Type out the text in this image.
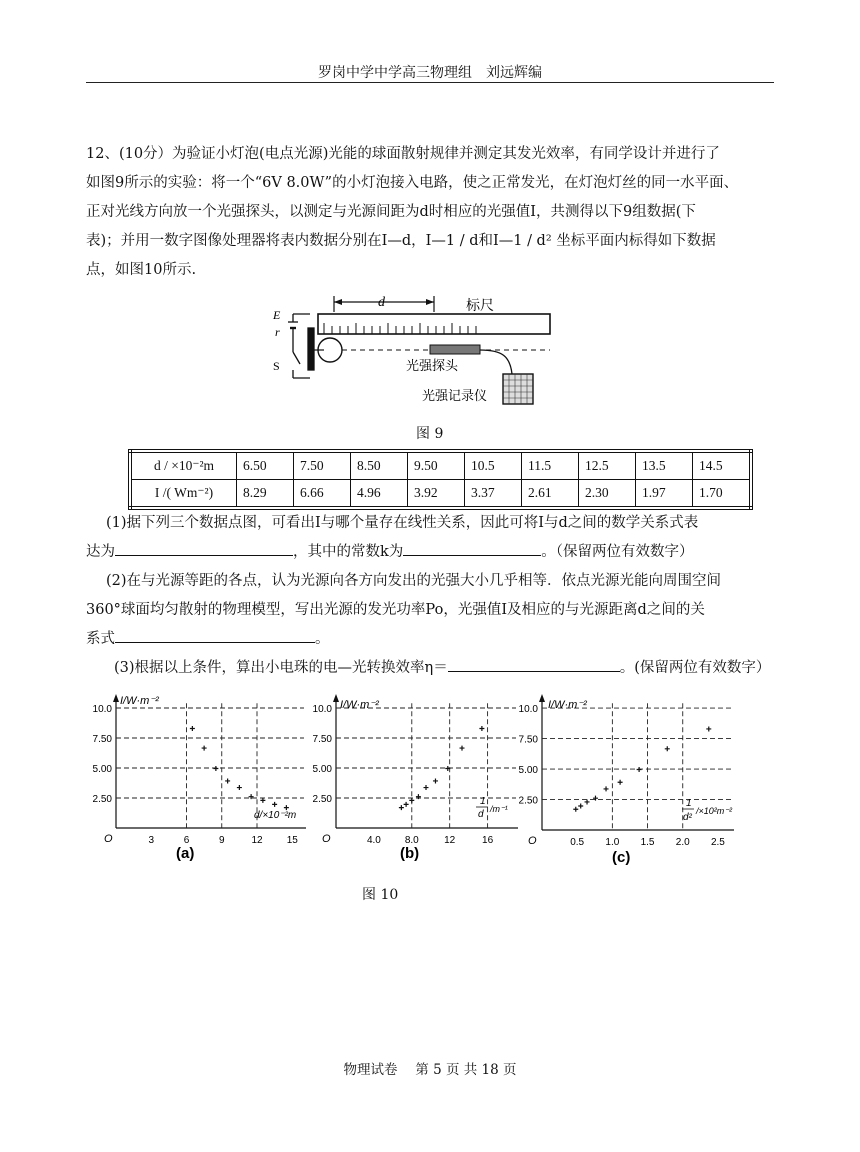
罗岗中学中学高三物理组　刘远辉编
12、(10分）为验证小灯泡(电点光源)光能的球面散射规律并测定其发光效率，有同学设计并进行了
如图9所示的实验：将一个“6V 8.0W”的小灯泡接入电路，使之正常发光，在灯泡灯丝的同一水平面、
正对光线方向放一个光强探头，以测定与光源间距为d时相应的光强值I，共测得以下9组数据(下
表)；并用一数字图像处理器将表内数据分别在I—d，I—1 / d和I—1 / d² 坐标平面内标得如下数据
点，如图10所示.
d	标尺
E
r
S	光强探头
光强记录仪
图 9
d / ×10⁻²m	6.50	7.50	8.50	9.50	10.5	11.5	12.5	13.5	14.5
I /( Wm⁻²)	8.29	6.66	4.96	3.92	3.37	2.61	2.30	1.97	1.70
(1)据下列三个数据点图，可看出I与哪个量存在线性关系，因此可将I与d之间的数学关系式表
达为	，其中的常数k为	。（保留两位有效数字）
(2)在与光源等距的各点，认为光源向各方向发出的光强大小几乎相等．依点光源光能向周围空间
360°球面均匀散射的物理模型，写出光源的发光功率Po，光强值I及相应的与光源距离d之间的关
系式	。
(3)根据以上条件，算出小电珠的电—光转换效率η＝	。(保留两位有效数字）
10.0
7.50
5.00
2.50
3	6	9	12 15
I/W·m⁻²
d/×10⁻²m
O
(a)
10.0
7.50
5.00
2.50
4.0 8.0	12	16
I/W·m⁻²
1
d /m⁻¹
O
(b)
10.0
7.50
5.00
2.50
0.5 1.0 1.5 2.0 2.5
I/W·m⁻²
1
d²
/×10²m⁻²
O
(c)
图 10
物理试卷　 第 5 页 共 18 页
